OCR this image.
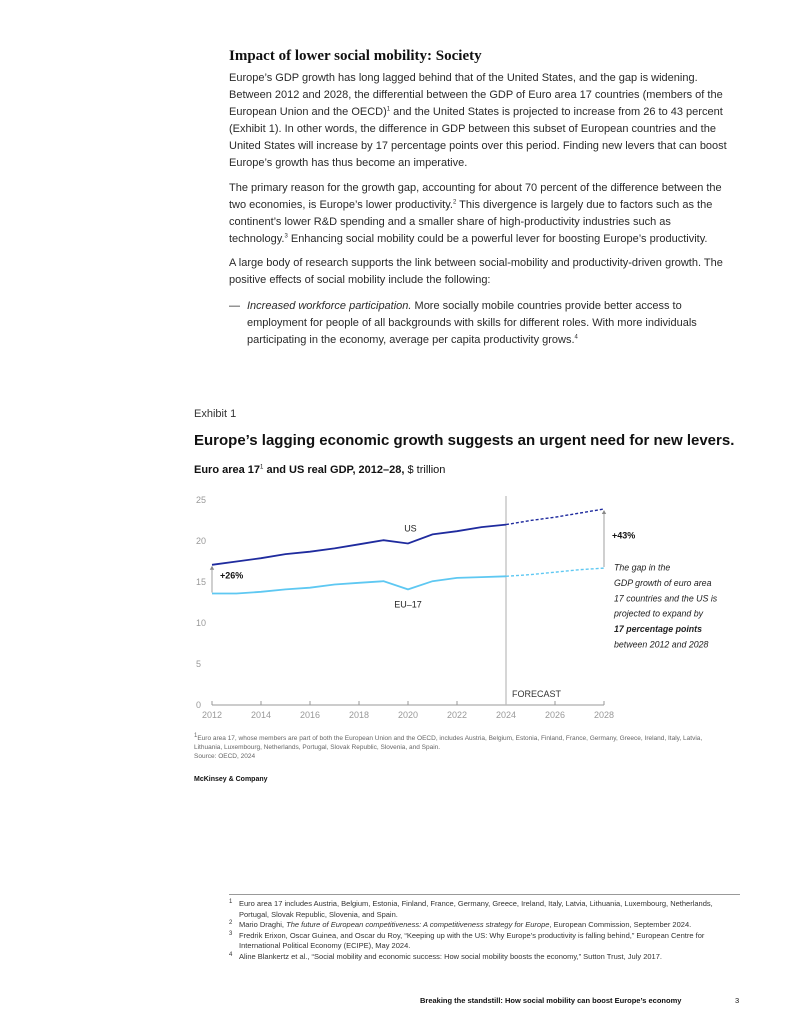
Impact of lower social mobility: Society

Europe’s GDP growth has long lagged behind that of the United States, and the gap is widening. Between 2012 and 2028, the differential between the GDP of Euro area 17 countries (members of the European Union and the OECD)$^1$ and the United States is projected to increase from 26 to 43 percent (Exhibit 1). In other words, the difference in GDP between this subset of European countries and the United States will increase by 17 percentage points over this period. Finding new levers that can boost Europe’s growth has thus become an imperative.

The primary reason for the growth gap, accounting for about 70 percent of the difference between the two economies, is Europe’s lower productivity.$^2$ This divergence is largely due to factors such as the continent’s lower R&D spending and a smaller share of high-productivity industries such as technology.$^3$ Enhancing social mobility could be a powerful lever for boosting Europe’s productivity.

A large body of research supports the link between social-mobility and productivity-driven growth. The positive effects of social mobility include the following:

— Increased workforce participation. More socially mobile countries provide better access to employment for people of all backgrounds with skills for different roles. With more individuals participating in the economy, average per capita productivity grows.$^4$
Exhibit 1
Europe’s lagging economic growth suggests an urgent need for new levers.
Euro area $17^1$ and US real GDP, 2012–28, $ trillion
0
5
10
15
20
25
2012	2014	2016	2018	2020	2022	2024	2026	2028
FORECAST
US
EU–17
+26%
+43%
The gap in the
GDP growth of euro area
17 countries and the US is
projected to expand by
17 percentage points
between 2012 and 2028
$^1$Euro area 17, whose members are part of both the European Union and the OECD, includes Austria, Belgium, Estonia, Finland, France, Germany, Greece, Ireland, Italy, Latvia, Lithuania, Luxembourg, Netherlands, Portugal, Slovak Republic, Slovenia, and Spain.
Source: OECD, 2024
McKinsey & Company
1 Euro area 17 includes Austria, Belgium, Estonia, Finland, France, Germany, Greece, Ireland, Italy, Latvia, Lithuania, Luxembourg, Netherlands, Portugal, Slovak Republic, Slovenia, and Spain.
2 Mario Draghi, The future of European competitiveness: A competitiveness strategy for Europe, European Commission, September 2024.
3 Fredrik Erixon, Oscar Guinea, and Oscar du Roy, “Keeping up with the US: Why Europe’s productivity is falling behind,” European Centre for International Political Economy (ECIPE), May 2024.
4 Aline Blankertz et al., “Social mobility and economic success: How social mobility boosts the economy,” Sutton Trust, July 2017.
Breaking the standstill: How social mobility can boost Europe’s economy	3
